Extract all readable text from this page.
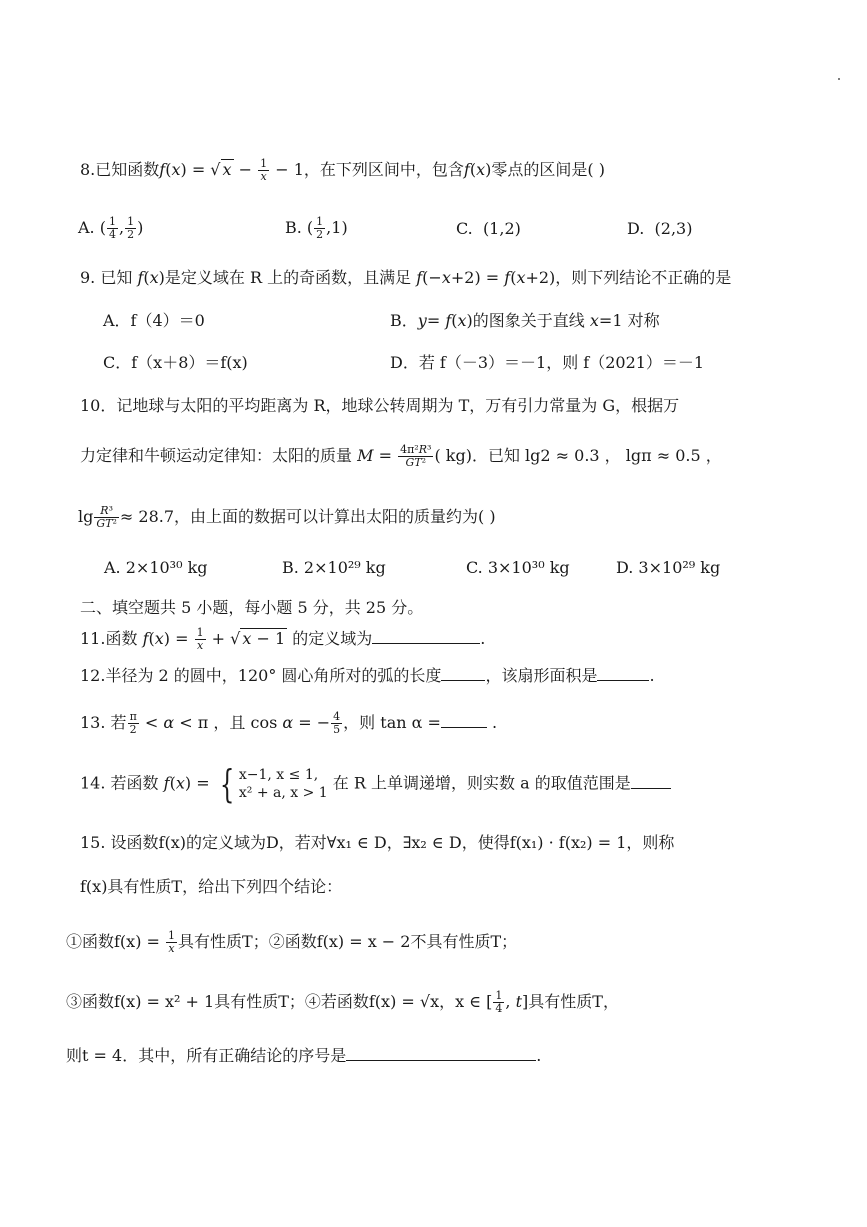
8.已知函数f(x) = √ $x - \frac{1}{x} - 1$，在下列区间中，包含f(x)零点的区间是( )
A. ( $\frac{1}{4}$ , $\frac{1}{2}$ )	B. ( $\frac{1}{2} ,1$)	C. (1,2)	D. (2,3)
9. 已知 f(x)是定义域在 R 上的奇函数，且满足 f(−x+2) = f(x+2)，则下列结论不正确的是
A．f（4）＝0	B．y= f(x)的图象关于直线 x=1 对称
C．f（x＋8）＝f(x)	D．若 f（－3）＝－1，则 f（2021）＝－1
10．记地球与太阳的平均距离为 R，地球公转周期为 T，万有引力常量为 G，根据万
力定律和牛顿运动定律知：太阳的质量 $M = \frac{\text{4π²R³}}{\text{GT²}}$ ( kg)．已知 lg2 ≈ 0.3 ， lgπ ≈ 0.5 ，
$\lg \frac{\text{R³}}{\text{GT²}} \approx 28.7$，由上面的数据可以计算出太阳的质量约为( )
A. 2×10³⁰ kg	B. 2×10²⁹ kg	C. 3×10³⁰ kg	D. 3×10²⁹ kg
二、填空题共 5 小题，每小题 5 分，共 25 分。
11.函数 $f(x) = \frac{1}{x}$ + √ x − 1 的定义域为	.
12.半径为 2 的圆中，120° 圆心角所对的弧的长度	，该扇形面积是	.
13. 若 $\frac{\pi}{2} < \alpha < \pi$ ，且 cos α = − $\frac{4}{5}$ ，则 tan α =	.
14. 若函数 f(x) = { x−1, x ≤ 1,
x² + a, x > 1
在 R 上单调递增，则实数 a 的取值范围是
15. 设函数f(x)的定义域为D，若对∀x₁ ∈ D，∃x₂ ∈ D，使得f(x₁) · f(x₂) = 1，则称
f(x)具有性质T，给出下列四个结论：
①函数$f(x) = \frac{1}{x}$ 具有性质T；②函数f(x) = x − 2不具有性质T；
③函数f(x) = x² + 1具有性质T；④若函数f(x) = √x，x ∈ [ $\frac{1}{4}$ , t]具有性质T，
则t = 4．其中，所有正确结论的序号是	.
